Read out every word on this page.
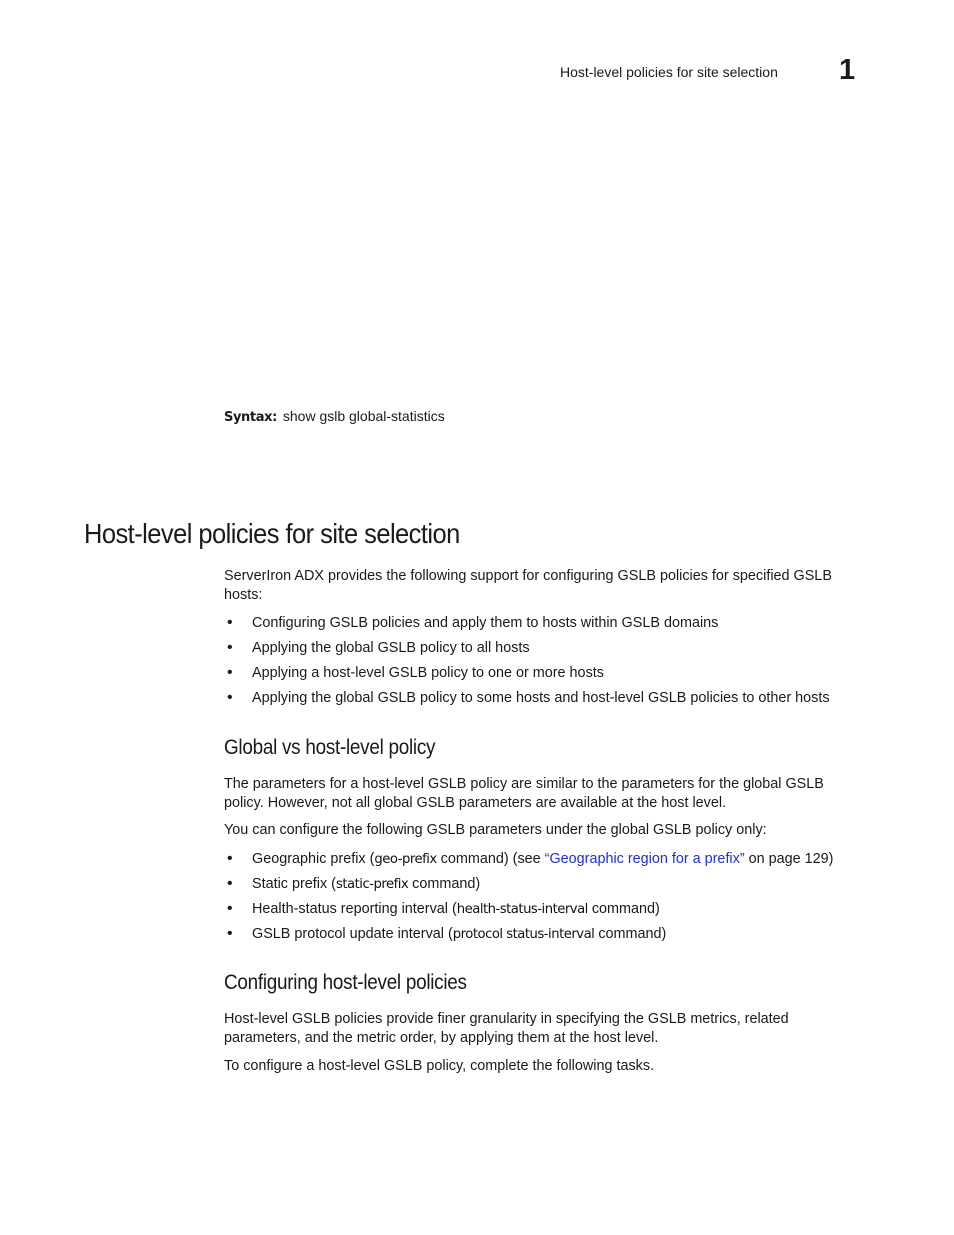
Host-level policies for site selection 1
Syntax: show gslb global-statistics
Host-level policies for site selection
ServerIron ADX provides the following support for configuring GSLB policies for specified GSLB hosts:
• Configuring GSLB policies and apply them to hosts within GSLB domains
• Applying the global GSLB policy to all hosts
• Applying a host-level GSLB policy to one or more hosts
• Applying the global GSLB policy to some hosts and host-level GSLB policies to other hosts
Global vs host-level policy
The parameters for a host-level GSLB policy are similar to the parameters for the global GSLB policy. However, not all global GSLB parameters are available at the host level.
You can configure the following GSLB parameters under the global GSLB policy only:
• Geographic prefix (geo-prefix command) (see “Geographic region for a prefix” on page 129)
• Static prefix (static-prefix command)
• Health-status reporting interval (health-status-interval command)
• GSLB protocol update interval (protocol status-interval command)
Configuring host-level policies
Host-level GSLB policies provide finer granularity in specifying the GSLB metrics, related parameters, and the metric order, by applying them at the host level.
To configure a host-level GSLB policy, complete the following tasks.
